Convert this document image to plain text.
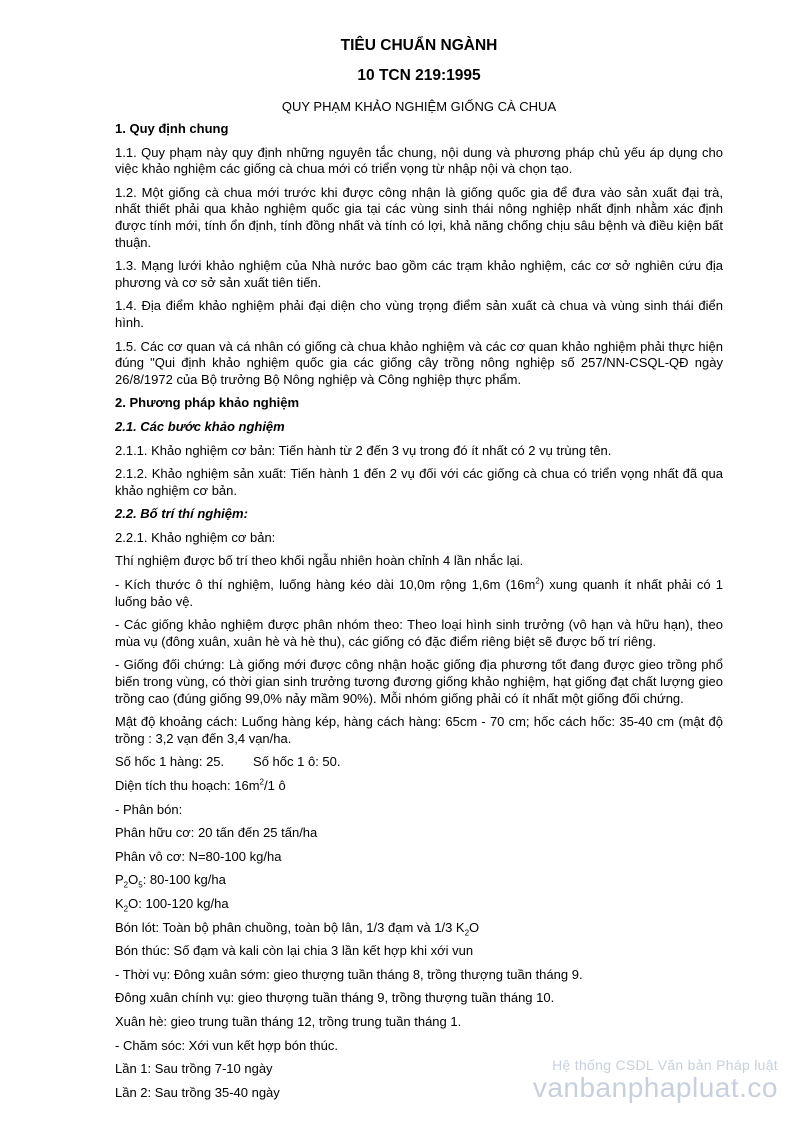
TIÊU CHUẨN NGÀNH
10 TCN 219:1995

QUY PHẠM KHẢO NGHIỆM GIỐNG CÀ CHUA

1. Quy định chung

1.1. Quy phạm này quy định những nguyên tắc chung, nội dung và phương pháp chủ yếu áp dụng cho việc khảo nghiệm các giống cà chua mới có triển vọng từ nhập nội và chọn tạo.

1.2. Một giống cà chua mới trước khi được công nhận là giống quốc gia để đưa vào sản xuất đại trà, nhất thiết phải qua khảo nghiệm quốc gia tại các vùng sinh thái nông nghiệp nhất định nhằm xác định được tính mới, tính ổn định, tính đồng nhất và tính có lợi, khả năng chống chịu sâu bệnh và điều kiện bất thuận.

1.3. Mạng lưới khảo nghiệm của Nhà nước bao gồm các trạm khảo nghiệm, các cơ sở nghiên cứu địa phương và cơ sở sản xuất tiên tiến.

1.4. Địa điểm khảo nghiệm phải đại diện cho vùng trọng điểm sản xuất cà chua và vùng sinh thái điển hình.

1.5. Các cơ quan và cá nhân có giống cà chua khảo nghiệm và các cơ quan khảo nghiệm phải thực hiện đúng "Qui định khảo nghiệm quốc gia các giống cây trồng nông nghiệp số 257/NN-CSQL-QĐ ngày 26/8/1972 của Bộ trưởng Bộ Nông nghiệp và Công nghiệp thực phẩm.

2. Phương pháp khảo nghiệm

2.1. Các bước khảo nghiệm

2.1.1. Khảo nghiệm cơ bản: Tiến hành từ 2 đến 3 vụ trong đó ít nhất có 2 vụ trùng tên.

2.1.2. Khảo nghiệm sản xuất: Tiến hành 1 đến 2 vụ đối với các giống cà chua có triển vọng nhất đã qua khảo nghiệm cơ bản.

2.2. Bố trí thí nghiệm:

2.2.1. Khảo nghiệm cơ bản:

Thí nghiệm được bố trí theo khối ngẫu nhiên hoàn chỉnh 4 lần nhắc lại.

- Kích thước ô thí nghiệm, luống hàng kéo dài 10,0m rộng 1,6m $(16m^2)$ xung quanh ít nhất phải có 1 luống bảo vệ.

- Các giống khảo nghiệm được phân nhóm theo: Theo loại hình sinh trưởng (vô hạn và hữu hạn), theo mùa vụ (đông xuân, xuân hè và hè thu), các giống có đặc điểm riêng biệt sẽ được bố trí riêng.

- Giống đối chứng: Là giống mới được công nhận hoặc giống địa phương tốt đang được gieo trồng phổ biến trong vùng, có thời gian sinh trưởng tương đương giống khảo nghiệm, hạt giống đạt chất lượng gieo trồng cao (đúng giống 99,0% nảy mầm 90%). Mỗi nhóm giống phải có ít nhất một giống đối chứng.

Mật độ khoảng cách: Luống hàng kép, hàng cách hàng: 65cm - 70 cm; hốc cách hốc: 35-40 cm (mật độ trồng : 3,2 vạn đến 3,4 vạn/ha.

Số hốc 1 hàng: 25.        Số hốc 1 ô: 50.

Diện tích thu hoạch: $16m^2/1$ ô

- Phân bón:

Phân hữu cơ: 20 tấn đến 25 tấn/ha

Phân vô cơ: N=80-100 kg/ha

$P_2O_5$: 80-100 kg/ha

$K_2O$: 100-120 kg/ha

Bón lót: Toàn bộ phân chuồng, toàn bộ lân, 1/3 đạm và 1/3 $K_2O$

Bón thúc: Số đạm và kali còn lại chia 3 lần kết hợp khi xới vun

- Thời vụ: Đông xuân sớm: gieo thượng tuần tháng 8, trồng thượng tuần tháng 9.

Đông xuân chính vụ: gieo thượng tuần tháng 9, trồng thượng tuần tháng 10.

Xuân hè: gieo trung tuần tháng 12, trồng trung tuần tháng 1.

- Chăm sóc: Xới vun kết hợp bón thúc.

Lần 1: Sau trồng 7-10 ngày

Lần 2: Sau trồng 35-40 ngày

Hệ thống CSDL Văn bản Pháp luật
vanbanphapluat.co
